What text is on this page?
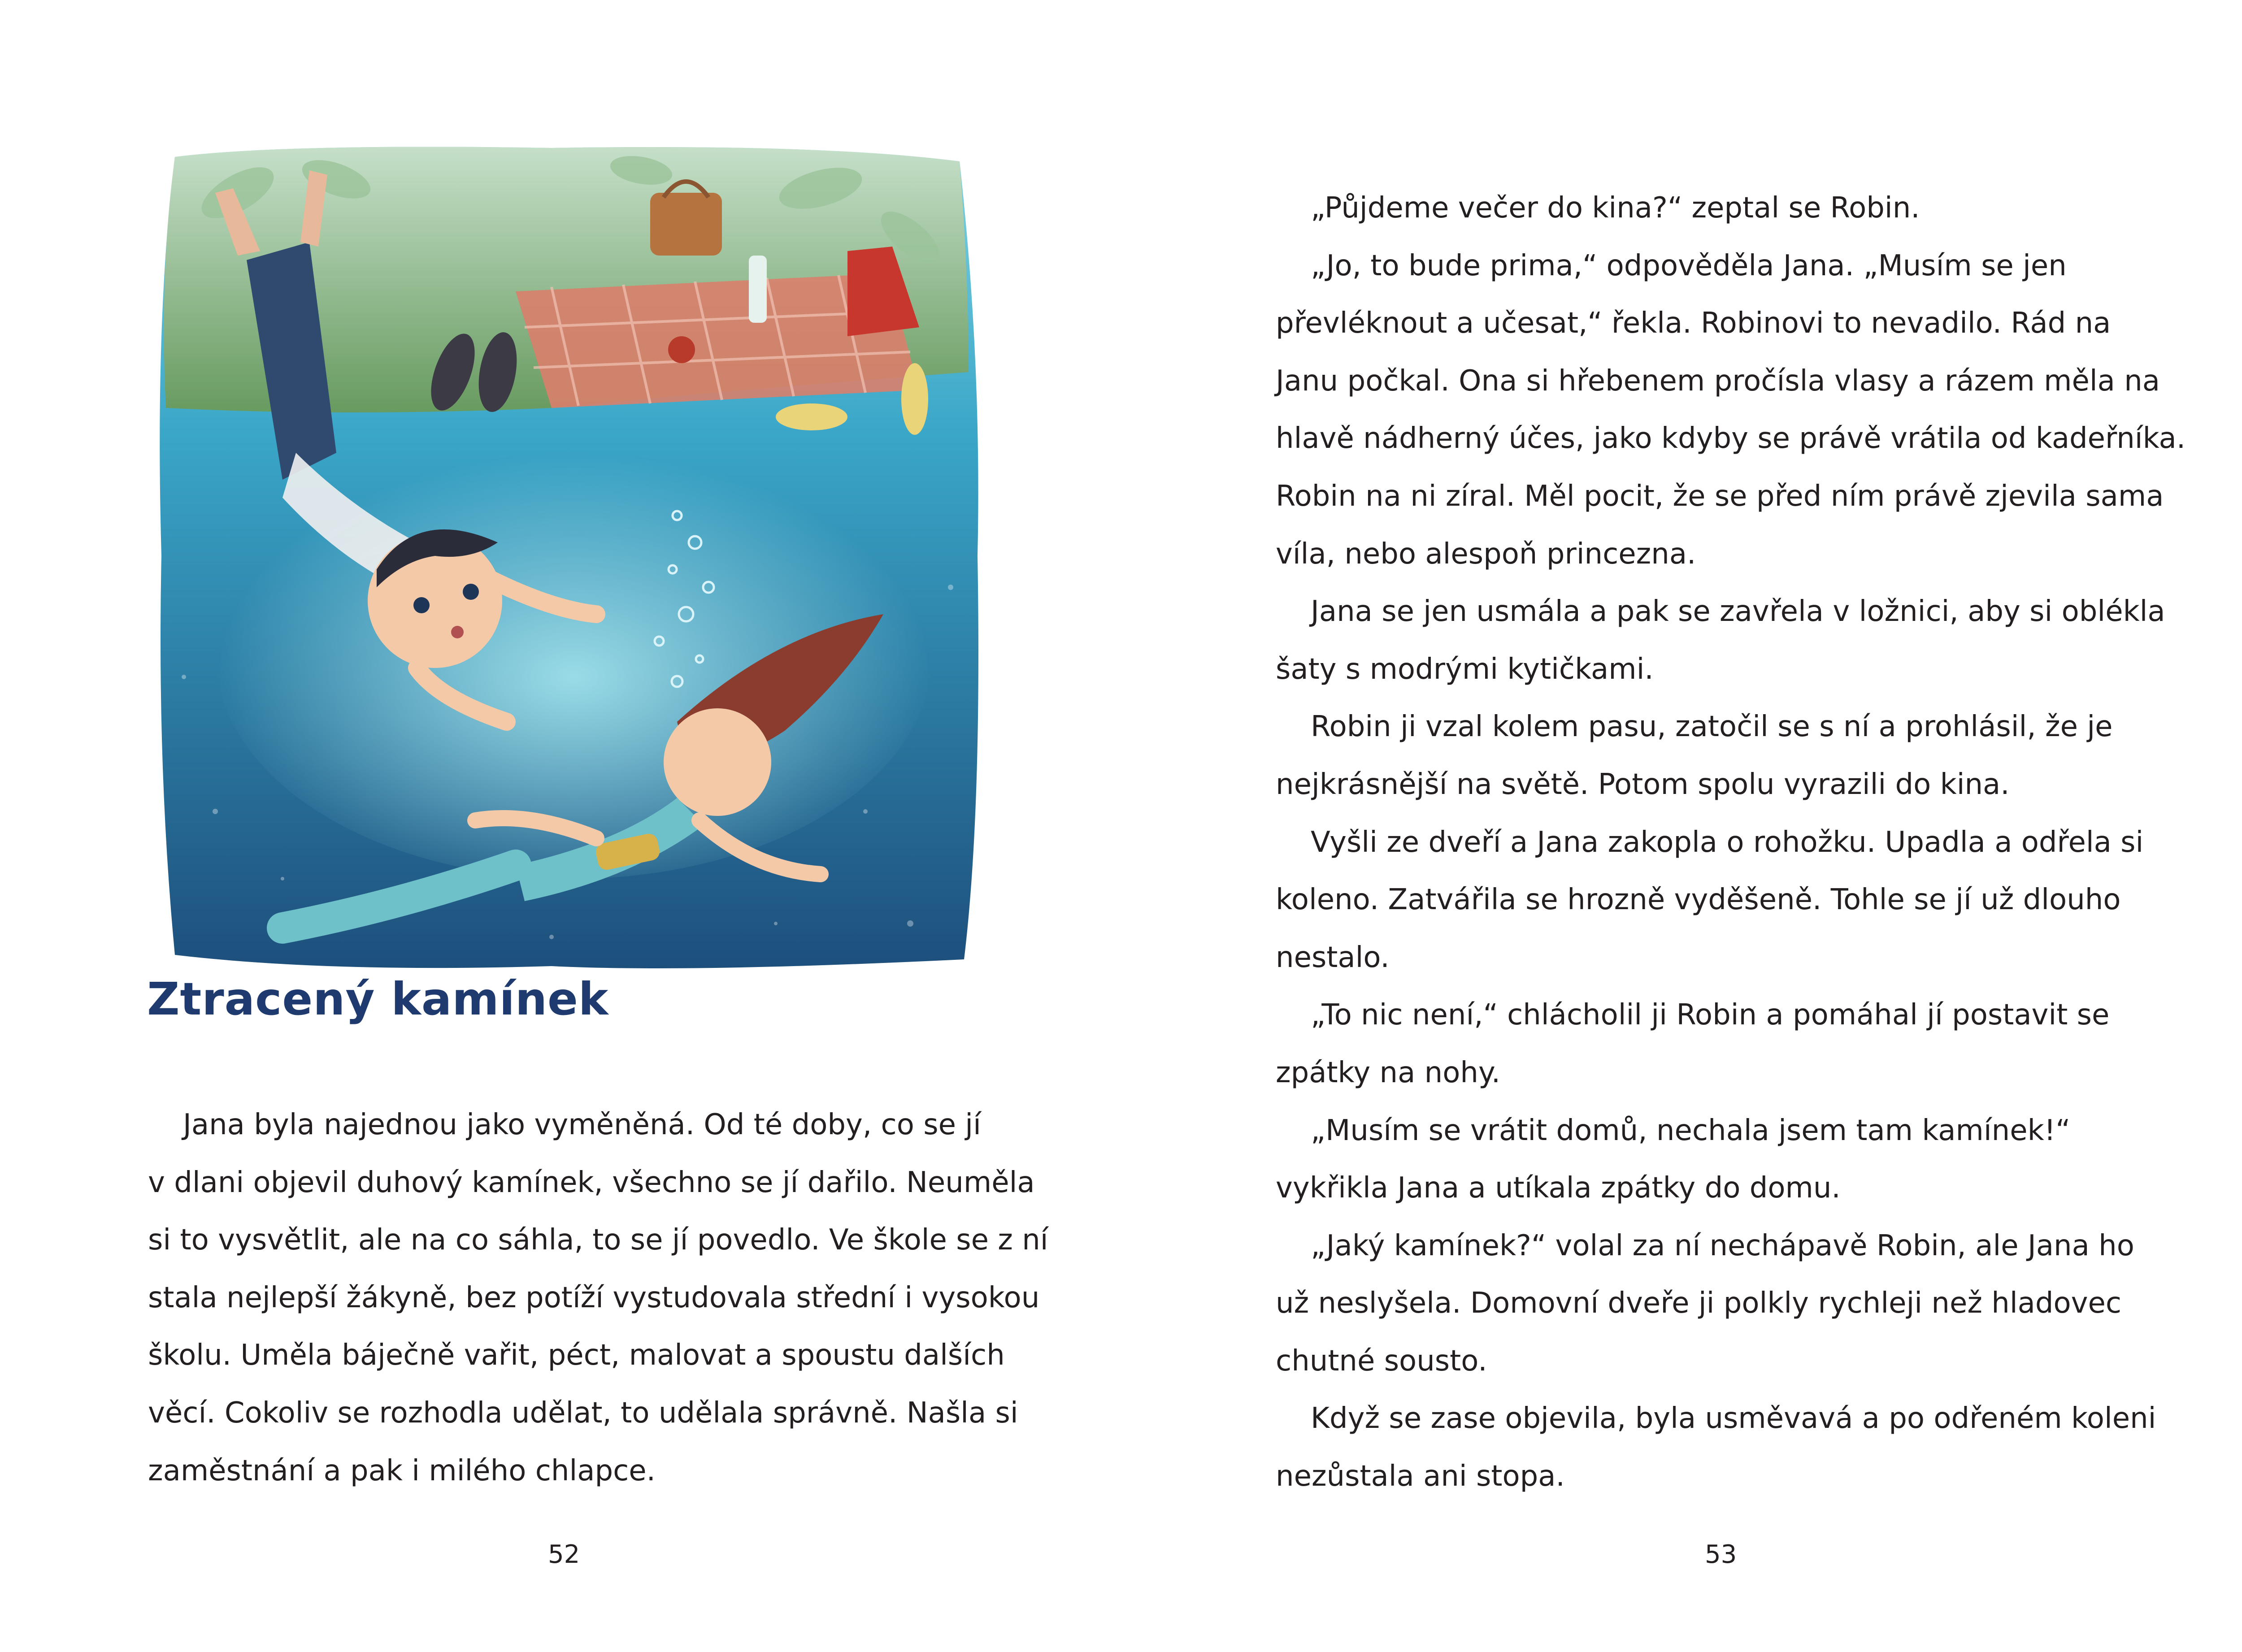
Ztracený kamínek

Jana byla najednou jako vyměněná. Od té doby, co se jí
v dlani objevil duhový kamínek, všechno se jí dařilo. Neuměla
si to vysvětlit, ale na co sáhla, to se jí povedlo. Ve škole se z ní
stala nejlepší žákyně, bez potíží vystudovala střední i vysokou
školu. Uměla báječně vařit, péct, malovat a spoustu dalších
věcí. Cokoliv se rozhodla udělat, to udělala správně. Našla si
zaměstnání a pak i milého chlapce.

52

„Půjdeme večer do kina?“ zeptal se Robin.
„Jo, to bude prima,“ odpověděla Jana. „Musím se jen
převléknout a učesat,“ řekla. Robinovi to nevadilo. Rád na
Janu počkal. Ona si hřebenem pročísla vlasy a rázem měla na
hlavě nádherný účes, jako kdyby se právě vrátila od kadeřníka.
Robin na ni zíral. Měl pocit, že se před ním právě zjevila sama
víla, nebo alespoň princezna.
Jana se jen usmála a pak se zavřela v ložnici, aby si oblékla
šaty s modrými kytičkami.
Robin ji vzal kolem pasu, zatočil se s ní a prohlásil, že je
nejkrásnější na světě. Potom spolu vyrazili do kina.
Vyšli ze dveří a Jana zakopla o rohožku. Upadla a odřela si
koleno. Zatvářila se hrozně vyděšeně. Tohle se jí už dlouho
nestalo.
„To nic není,“ chlácholil ji Robin a pomáhal jí postavit se
zpátky na nohy.
„Musím se vrátit domů, nechala jsem tam kamínek!“
vykřikla Jana a utíkala zpátky do domu.
„Jaký kamínek?“ volal za ní nechápavě Robin, ale Jana ho
už neslyšela. Domovní dveře ji polkly rychleji než hladovec
chutné sousto.
Když se zase objevila, byla usměvavá a po odřeném koleni
nezůstala ani stopa.

53
